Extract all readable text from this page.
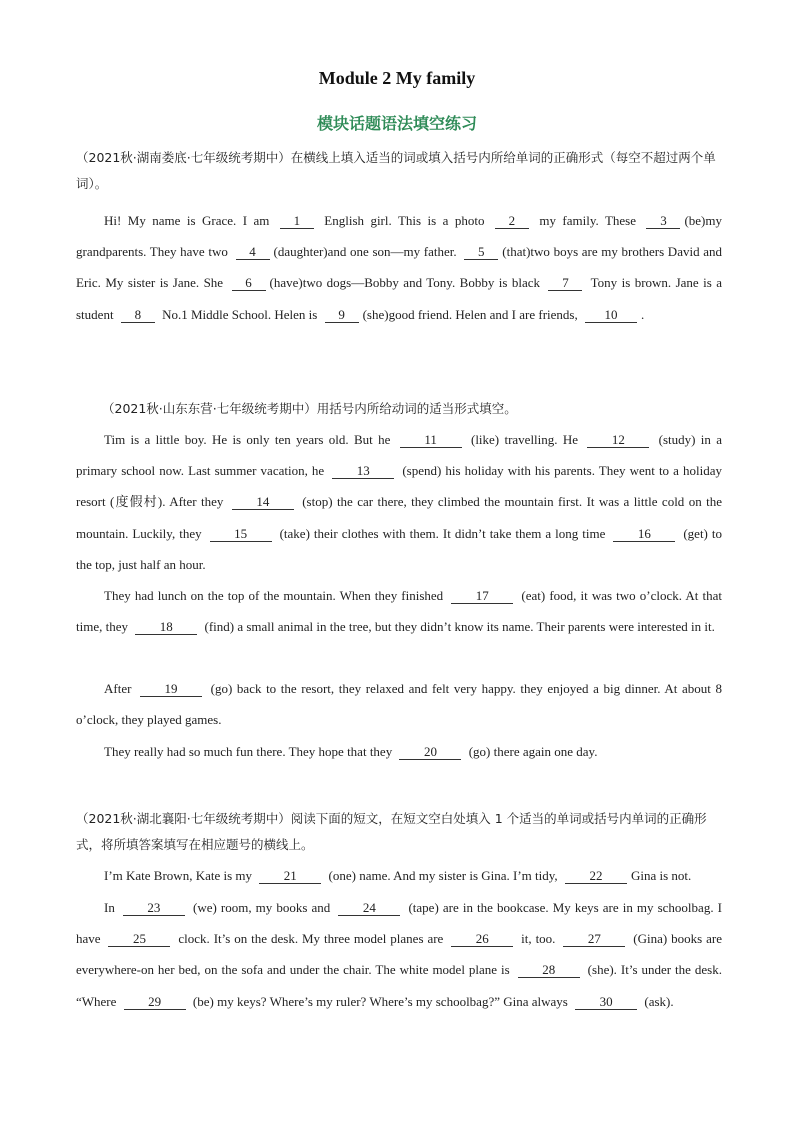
Module 2 My family
模块话题语法填空练习
（2021秋·湖南娄底·七年级统考期中）在横线上填入适当的词或填入括号内所给单词的正确形式（每空不超过两个单词）。
Hi! My name is Grace. I am 1 English girl. This is a photo 2 my family. These 3 (be)my grandparents. They have two 4 (daughter)and one son—my father. 5 (that)two boys are my brothers David and Eric. My sister is Jane. She 6 (have)two dogs—Bobby and Tony. Bobby is black 7 Tony is brown. Jane is a student 8 No.1 Middle School. Helen is 9 (she)good friend. Helen and I are friends, 10 .
（2021秋·山东东营·七年级统考期中）用括号内所给动词的适当形式填空。
Tim is a little boy. He is only ten years old. But he 11 (like) travelling. He 12 (study) in a primary school now. Last summer vacation, he 13 (spend) his holiday with his parents. They went to a holiday resort (度假村). After they 14 (stop) the car there, they climbed the mountain first. It was a little cold on the mountain. Luckily, they 15 (take) their clothes with them. It didn’t take them a long time 16 (get) to the top, just half an hour.
They had lunch on the top of the mountain. When they finished 17 (eat) food, it was two o’clock. At that time, they 18 (find) a small animal in the tree, but they didn’t know its name. Their parents were interested in it.
After 19 (go) back to the resort, they relaxed and felt very happy. they enjoyed a big dinner. At about 8 o’clock, they played games.
They really had so much fun there. They hope that they 20 (go) there again one day.
（2021秋·湖北襄阳·七年级统考期中）阅读下面的短文，在短文空白处填入 1 个适当的单词或括号内单词的正确形式，将所填答案填写在相应题号的横线上。
I’m Kate Brown, Kate is my 21 (one) name. And my sister is Gina. I’m tidy, 22 Gina is not.
In 23 (we) room, my books and 24 (tape) are in the bookcase. My keys are in my schoolbag. I have 25 clock. It’s on the desk. My three model planes are 26 it, too. 27 (Gina) books are everywhere-on her bed, on the sofa and under the chair. The white model plane is 28 (she). It’s under the desk. “Where 29 (be) my keys? Where’s my ruler? Where’s my schoolbag?” Gina always 30 (ask).
